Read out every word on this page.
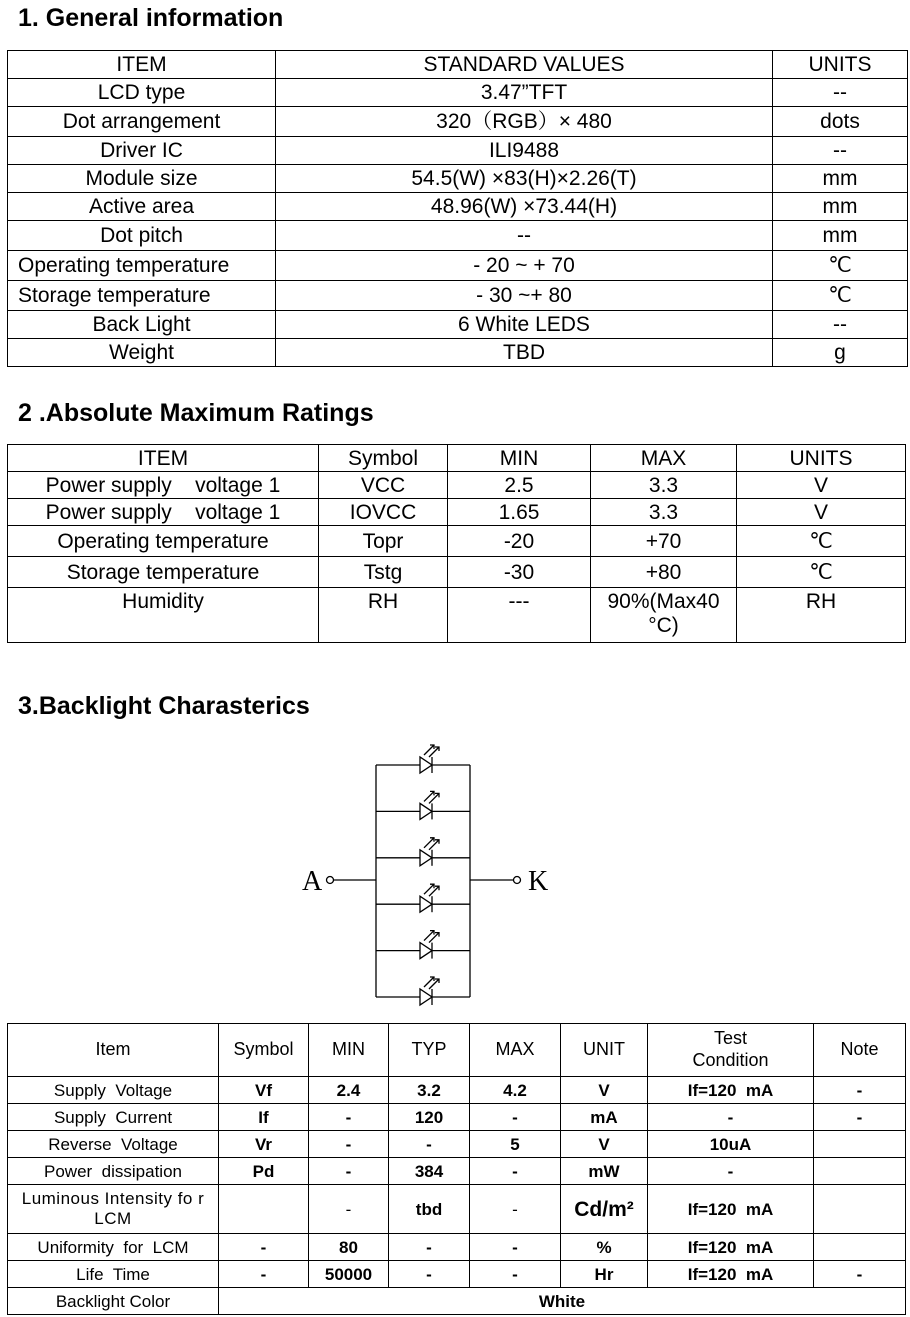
1. General information
ITEM	STANDARD VALUES	UNITS
LCD type	3.47”TFT	--
Dot arrangement	320（RGB）× 480	dots
Driver IC	ILI9488	--
Module size	54.5(W) ×83(H)×2.26(T)	mm
Active area	48.96(W) ×73.44(H)	mm
Dot pitch	--	mm
Operating temperature	- 20 ~ + 70	℃
Storage temperature	- 30 ~+ 80	℃
Back Light	6 White LEDS	--
Weight	TBD	g
2 .Absolute Maximum Ratings
ITEM	Symbol	MIN	MAX	UNITS
Power supply    voltage 1	VCC	2.5	3.3	V
Power supply    voltage 1	IOVCC	1.65	3.3	V
Operating temperature	Topr	-20	+70	℃
Storage temperature	Tstg	-30	+80	℃
Humidity	RH	---	90%(Max40 °C)	RH
3.Backlight Charasterics
A	K
Item	Symbol	MIN	TYP	MAX	UNIT	Test Condition	Note
Supply  Voltage	Vf	2.4	3.2	4.2	V	If=120  mA	-
Supply  Current	If	-	120	-	mA	-	-
Reverse  Voltage	Vr	-	-	5	V	10uA	
Power  dissipation	Pd	-	384	-	mW	-	
Luminous Intensity fo r LCM		-	tbd	-	Cd/m²	If=120  mA	
Uniformity  for  LCM	-	80	-	-	%	If=120  mA	
Life  Time	-	50000	-	-	Hr	If=120  mA	-
Backlight Color	White						
